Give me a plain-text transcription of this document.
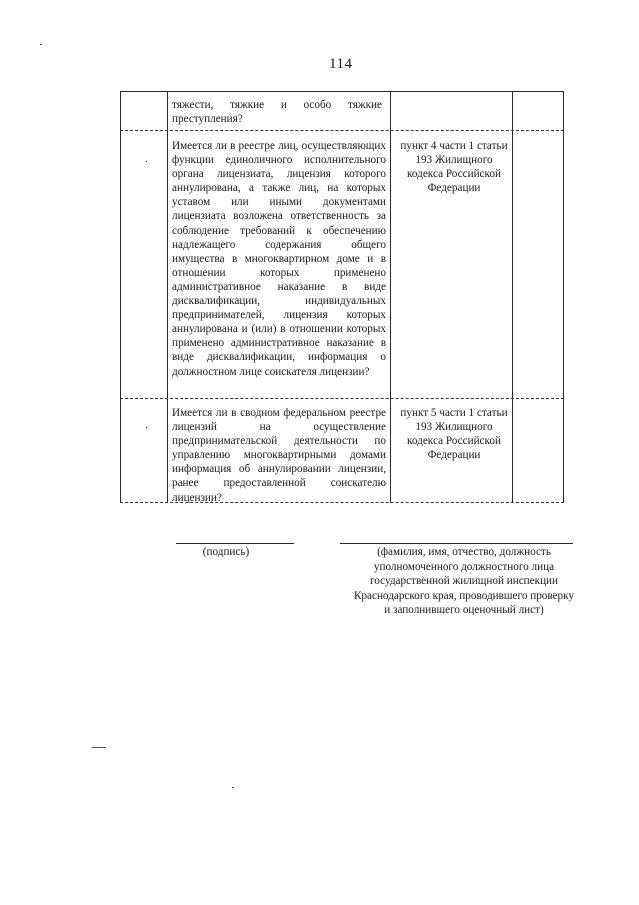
114
тяжести, тяжкие и особо тяжкие преступления?
Имеется ли в реестре лиц, осуществляющих функции единоличного исполнительного органа лицензиата, лицензия которого аннулирована, а также лиц, на которых уставом или иными документами лицензиата возложена ответственность за соблюдение требований к обеспечению надлежащего содержания общего имущества в многоквартирном доме и в отношении которых применено административное наказание в виде дисквалификации, индивидуальных предпринимателей, лицензия которых аннулирована и (или) в отношении которых применено административное наказание в виде дисквалификации, информация о должностном лице соискателя лицензии?
пункт 4 части 1 статьи 193 Жилищного кодекса Российской Федерации
·
Имеется ли в сводном федеральном реестре лицензий на осуществление предпринимательской деятельности по управлению многоквартирными домами информация об аннулировании лицензии, ранее предоставленной соискателю лицензии?
пункт 5 части 1 статьи 193 Жилищного кодекса Российской Федерации
·
(подпись)	(фамилия, имя, отчество, должность уполномоченного должностного лица государственной жилищной инспекции Краснодарского края, проводившего проверку и заполнившего оценочный лист)
